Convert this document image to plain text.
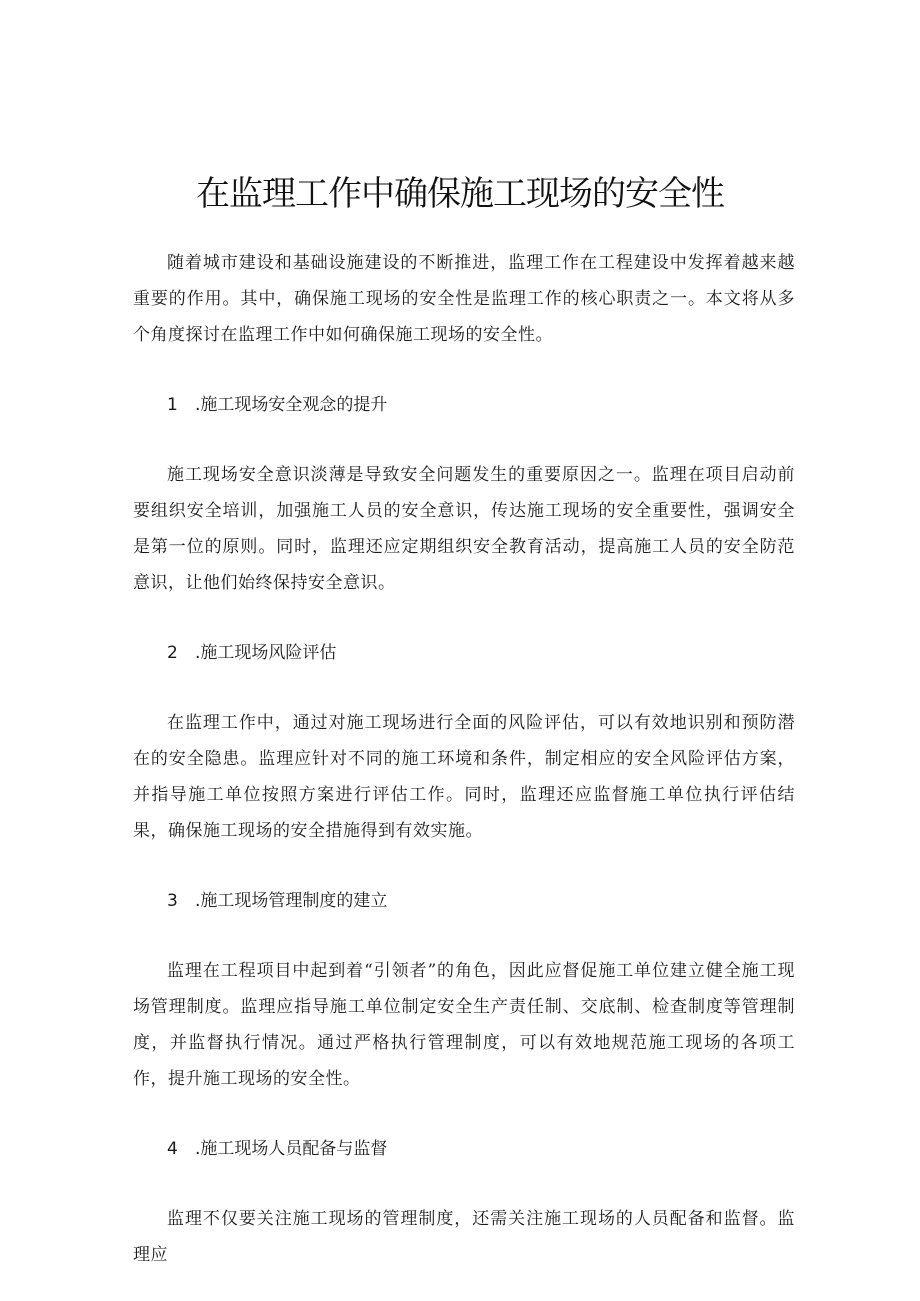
在监理工作中确保施工现场的安全性

随着城市建设和基础设施建设的不断推进，监理工作在工程建设中发挥着越来越重要的作用。其中，确保施工现场的安全性是监理工作的核心职责之一。本文将从多个角度探讨在监理工作中如何确保施工现场的安全性。

1 .施工现场安全观念的提升

施工现场安全意识淡薄是导致安全问题发生的重要原因之一。监理在项目启动前要组织安全培训，加强施工人员的安全意识，传达施工现场的安全重要性，强调安全是第一位的原则。同时，监理还应定期组织安全教育活动，提高施工人员的安全防范意识，让他们始终保持安全意识。

2 .施工现场风险评估

在监理工作中，通过对施工现场进行全面的风险评估，可以有效地识别和预防潜在的安全隐患。监理应针对不同的施工环境和条件，制定相应的安全风险评估方案，并指导施工单位按照方案进行评估工作。同时，监理还应监督施工单位执行评估结果，确保施工现场的安全措施得到有效实施。

3 .施工现场管理制度的建立

监理在工程项目中起到着“引领者”的角色，因此应督促施工单位建立健全施工现场管理制度。监理应指导施工单位制定安全生产责任制、交底制、检查制度等管理制度，并监督执行情况。通过严格执行管理制度，可以有效地规范施工现场的各项工作，提升施工现场的安全性。

4 .施工现场人员配备与监督

监理不仅要关注施工现场的管理制度，还需关注施工现场的人员配备和监督。监理应
